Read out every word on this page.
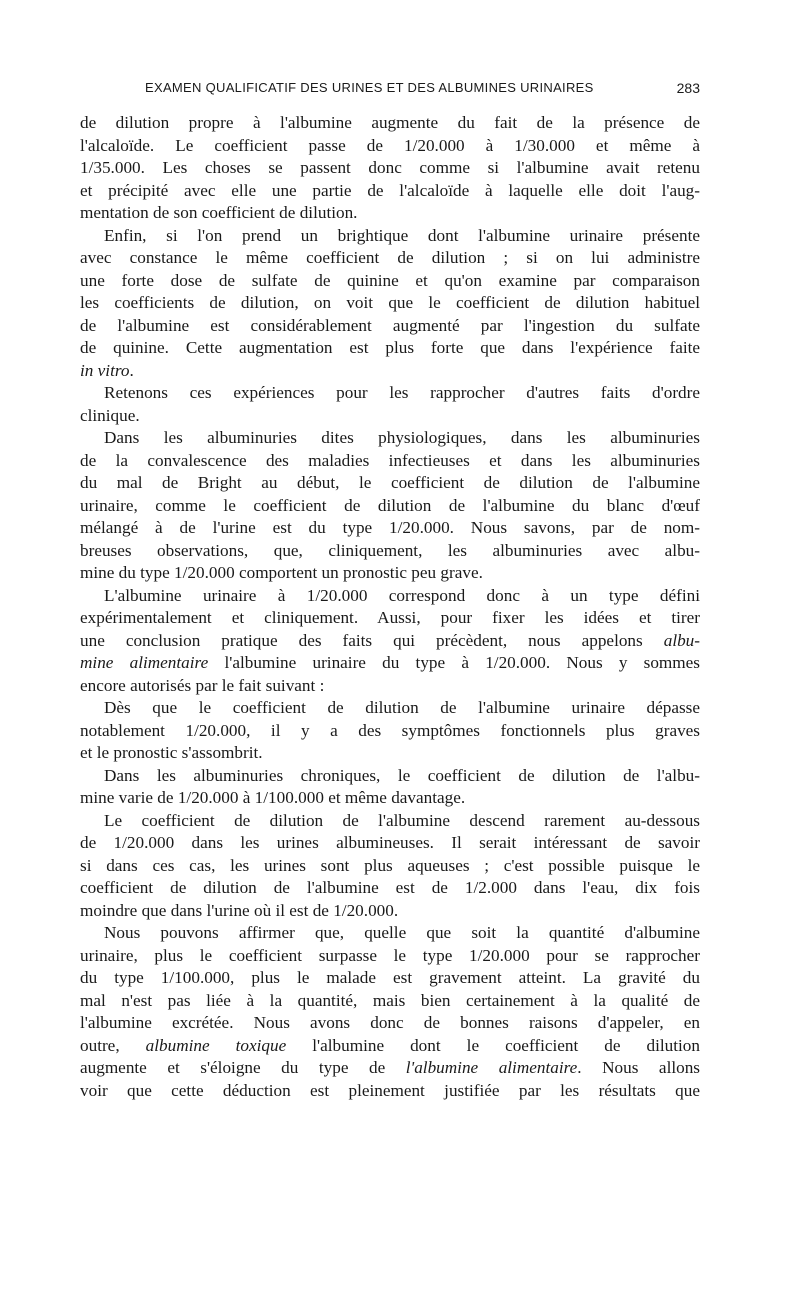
EXAMEN QUALIFICATIF DES URINES ET DES ALBUMINES URINAIRES	283
de dilution propre à l'albumine augmente du fait de la présence de
l'alcaloïde. Le coefficient passe de 1/20.000 à 1/30.000 et même à
1/35.000. Les choses se passent donc comme si l'albumine avait retenu
et précipité avec elle une partie de l'alcaloïde à laquelle elle doit l'aug-
mentation de son coefficient de dilution.
Enfin, si l'on prend un brightique dont l'albumine urinaire présente
avec constance le même coefficient de dilution ; si on lui administre
une forte dose de sulfate de quinine et qu'on examine par comparaison
les coefficients de dilution, on voit que le coefficient de dilution habituel
de l'albumine est considérablement augmenté par l'ingestion du sulfate
de quinine. Cette augmentation est plus forte que dans l'expérience faite
in vitro.
Retenons ces expériences pour les rapprocher d'autres faits d'ordre
clinique.
Dans les albuminuries dites physiologiques, dans les albuminuries
de la convalescence des maladies infectieuses et dans les albuminuries
du mal de Bright au début, le coefficient de dilution de l'albumine
urinaire, comme le coefficient de dilution de l'albumine du blanc d'œuf
mélangé à de l'urine est du type 1/20.000. Nous savons, par de nom-
breuses observations, que, cliniquement, les albuminuries avec albu-
mine du type 1/20.000 comportent un pronostic peu grave.
L'albumine urinaire à 1/20.000 correspond donc à un type défini
expérimentalement et cliniquement. Aussi, pour fixer les idées et tirer
une conclusion pratique des faits qui précèdent, nous appelons albu-
mine alimentaire l'albumine urinaire du type à 1/20.000. Nous y sommes
encore autorisés par le fait suivant :
Dès que le coefficient de dilution de l'albumine urinaire dépasse
notablement 1/20.000, il y a des symptômes fonctionnels plus graves
et le pronostic s'assombrit.
Dans les albuminuries chroniques, le coefficient de dilution de l'albu-
mine varie de 1/20.000 à 1/100.000 et même davantage.
Le coefficient de dilution de l'albumine descend rarement au-dessous
de 1/20.000 dans les urines albumineuses. Il serait intéressant de savoir
si dans ces cas, les urines sont plus aqueuses ; c'est possible puisque le
coefficient de dilution de l'albumine est de 1/2.000 dans l'eau, dix fois
moindre que dans l'urine où il est de 1/20.000.
Nous pouvons affirmer que, quelle que soit la quantité d'albumine
urinaire, plus le coefficient surpasse le type 1/20.000 pour se rapprocher
du type 1/100.000, plus le malade est gravement atteint. La gravité du
mal n'est pas liée à la quantité, mais bien certainement à la qualité de
l'albumine excrétée. Nous avons donc de bonnes raisons d'appeler, en
outre, albumine toxique l'albumine dont le coefficient de dilution
augmente et s'éloigne du type de l'albumine alimentaire. Nous allons
voir que cette déduction est pleinement justifiée par les résultats que
